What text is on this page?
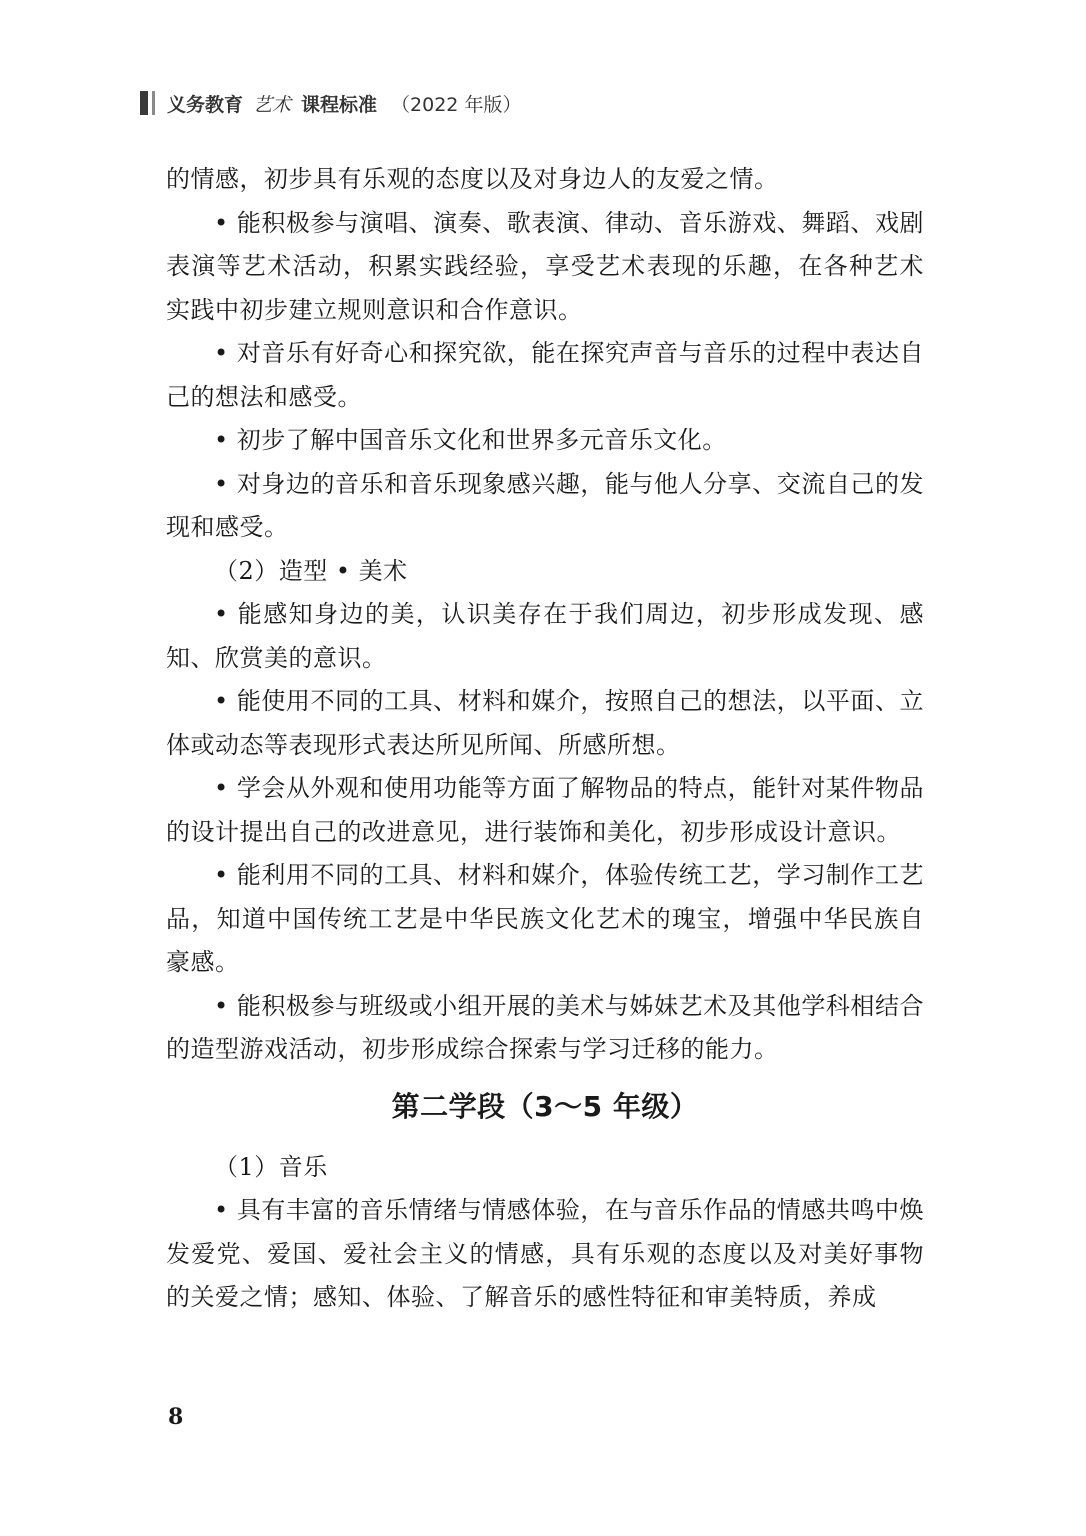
义务教育 艺术 课程标准 （2022 年版）

的情感，初步具有乐观的态度以及对身边人的友爱之情。

• 能积极参与演唱、演奏、歌表演、律动、音乐游戏、舞蹈、戏剧表演等艺术活动，积累实践经验，享受艺术表现的乐趣，在各种艺术实践中初步建立规则意识和合作意识。

• 对音乐有好奇心和探究欲，能在探究声音与音乐的过程中表达自己的想法和感受。

• 初步了解中国音乐文化和世界多元音乐文化。

• 对身边的音乐和音乐现象感兴趣，能与他人分享、交流自己的发现和感受。

（2）造型 • 美术

• 能感知身边的美，认识美存在于我们周边，初步形成发现、感知、欣赏美的意识。

• 能使用不同的工具、材料和媒介，按照自己的想法，以平面、立体或动态等表现形式表达所见所闻、所感所想。

• 学会从外观和使用功能等方面了解物品的特点，能针对某件物品的设计提出自己的改进意见，进行装饰和美化，初步形成设计意识。

• 能利用不同的工具、材料和媒介，体验传统工艺，学习制作工艺品，知道中国传统工艺是中华民族文化艺术的瑰宝，增强中华民族自豪感。

• 能积极参与班级或小组开展的美术与姊妹艺术及其他学科相结合的造型游戏活动，初步形成综合探索与学习迁移的能力。

第二学段（3～5 年级）

（1）音乐

• 具有丰富的音乐情绪与情感体验，在与音乐作品的情感共鸣中焕发爱党、爱国、爱社会主义的情感，具有乐观的态度以及对美好事物的关爱之情；感知、体验、了解音乐的感性特征和审美特质，养成

8
